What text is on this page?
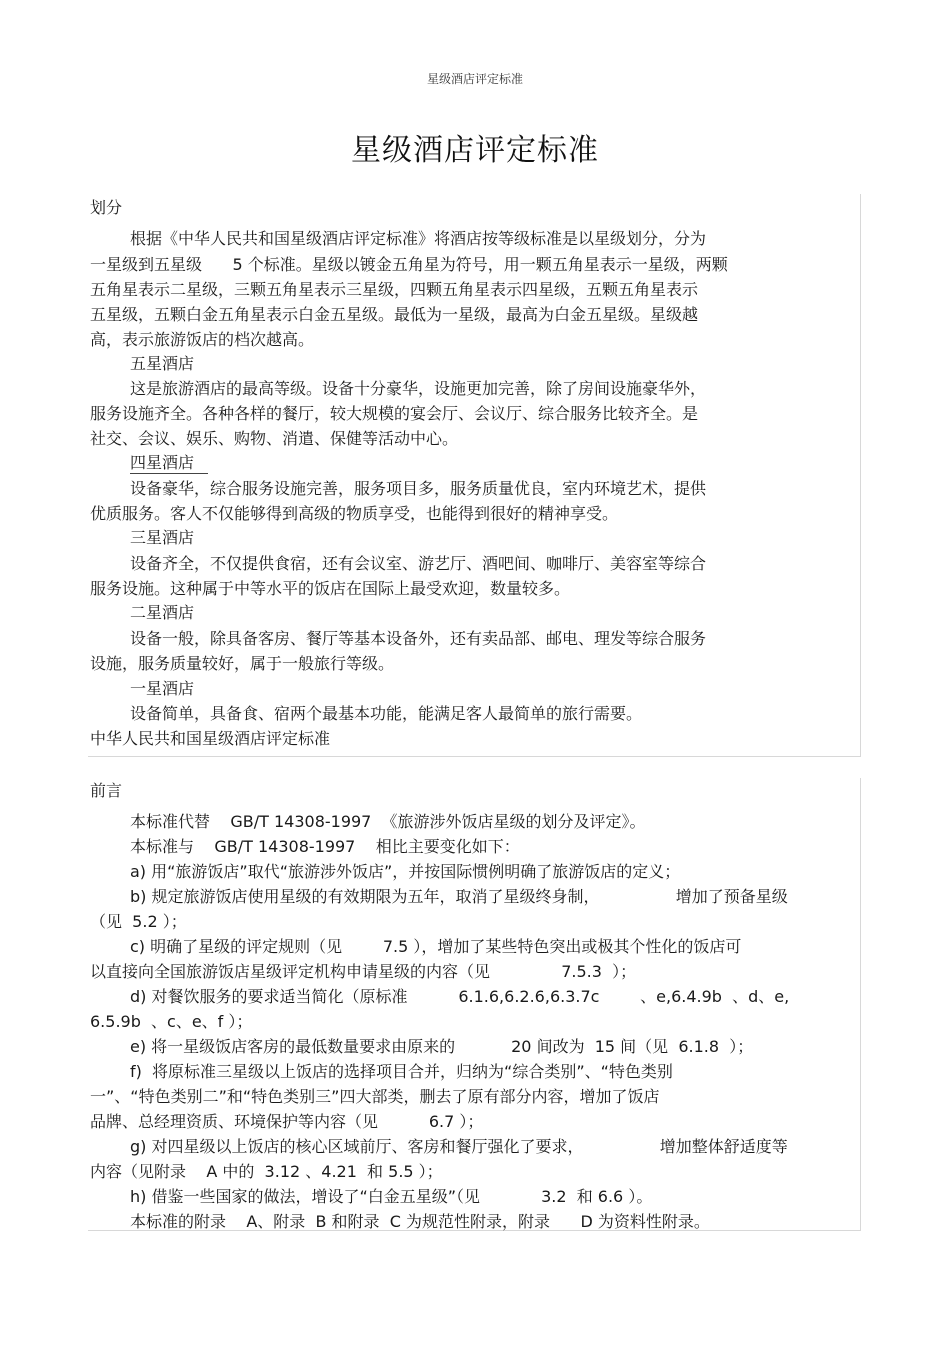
星级酒店评定标准
星级酒店评定标准
划分
根据《中华人民共和国星级酒店评定标准》将酒店按等级标准是以星级划分，分为
一星级到五星级      5 个标准。星级以镀金五角星为符号，用一颗五角星表示一星级，两颗
五角星表示二星级，三颗五角星表示三星级，四颗五角星表示四星级，五颗五角星表示
五星级，五颗白金五角星表示白金五星级。最低为一星级，最高为白金五星级。星级越
高，表示旅游饭店的档次越高。
五星酒店
这是旅游酒店的最高等级。设备十分豪华，设施更加完善，除了房间设施豪华外，
服务设施齐全。各种各样的餐厅，较大规模的宴会厅、会议厅、综合服务比较齐全。是
社交、会议、娱乐、购物、消遣、保健等活动中心。
四星酒店
设备豪华，综合服务设施完善，服务项目多，服务质量优良，室内环境艺术，提供
优质服务。客人不仅能够得到高级的物质享受，也能得到很好的精神享受。
三星酒店
设备齐全，不仅提供食宿，还有会议室、游艺厅、酒吧间、咖啡厅、美容室等综合
服务设施。这种属于中等水平的饭店在国际上最受欢迎，数量较多。
二星酒店
设备一般，除具备客房、餐厅等基本设备外，还有卖品部、邮电、理发等综合服务
设施，服务质量较好，属于一般旅行等级。
一星酒店
设备简单，具备食、宿两个最基本功能，能满足客人最简单的旅行需要。
中华人民共和国星级酒店评定标准
前言
本标准代替    GB/T 14308-1997  《旅游涉外饭店星级的划分及评定》。
本标准与    GB/T 14308-1997    相比主要变化如下：
a) 用“旅游饭店”取代“旅游涉外饭店”，并按国际惯例明确了旅游饭店的定义；
b) 规定旅游饭店使用星级的有效期限为五年，取消了星级终身制，               增加了预备星级
（见  5.2 ）；
c) 明确了星级的评定规则（见        7.5 ），增加了某些特色突出或极其个性化的饭店可
以直接向全国旅游饭店星级评定机构申请星级的内容（见              7.5.3  ）；
d) 对餐饮服务的要求适当简化（原标准          6.1.6,6.2.6,6.3.7c        、e,6.4.9b  、d、e,
6.5.9b  、c、e、f ）；
e) 将一星级饭店客房的最低数量要求由原来的           20 间改为  15 间（见  6.1.8  ）；
f)  将原标准三星级以上饭店的选择项目合并，归纳为“综合类别”、“特色类别
一”、“特色类别二”和“特色类别三”四大部类，删去了原有部分内容，增加了饭店
品牌、总经理资质、环境保护等内容（见          6.7 ）；
g) 对四星级以上饭店的核心区域前厅、客房和餐厅强化了要求，               增加整体舒适度等
内容（见附录    A 中的  3.12 、4.21  和 5.5 ）；
h) 借鉴一些国家的做法，增设了“白金五星级”（见            3.2  和 6.6 ）。
本标准的附录    A、附录  B 和附录  C 为规范性附录，附录      D 为资料性附录。
